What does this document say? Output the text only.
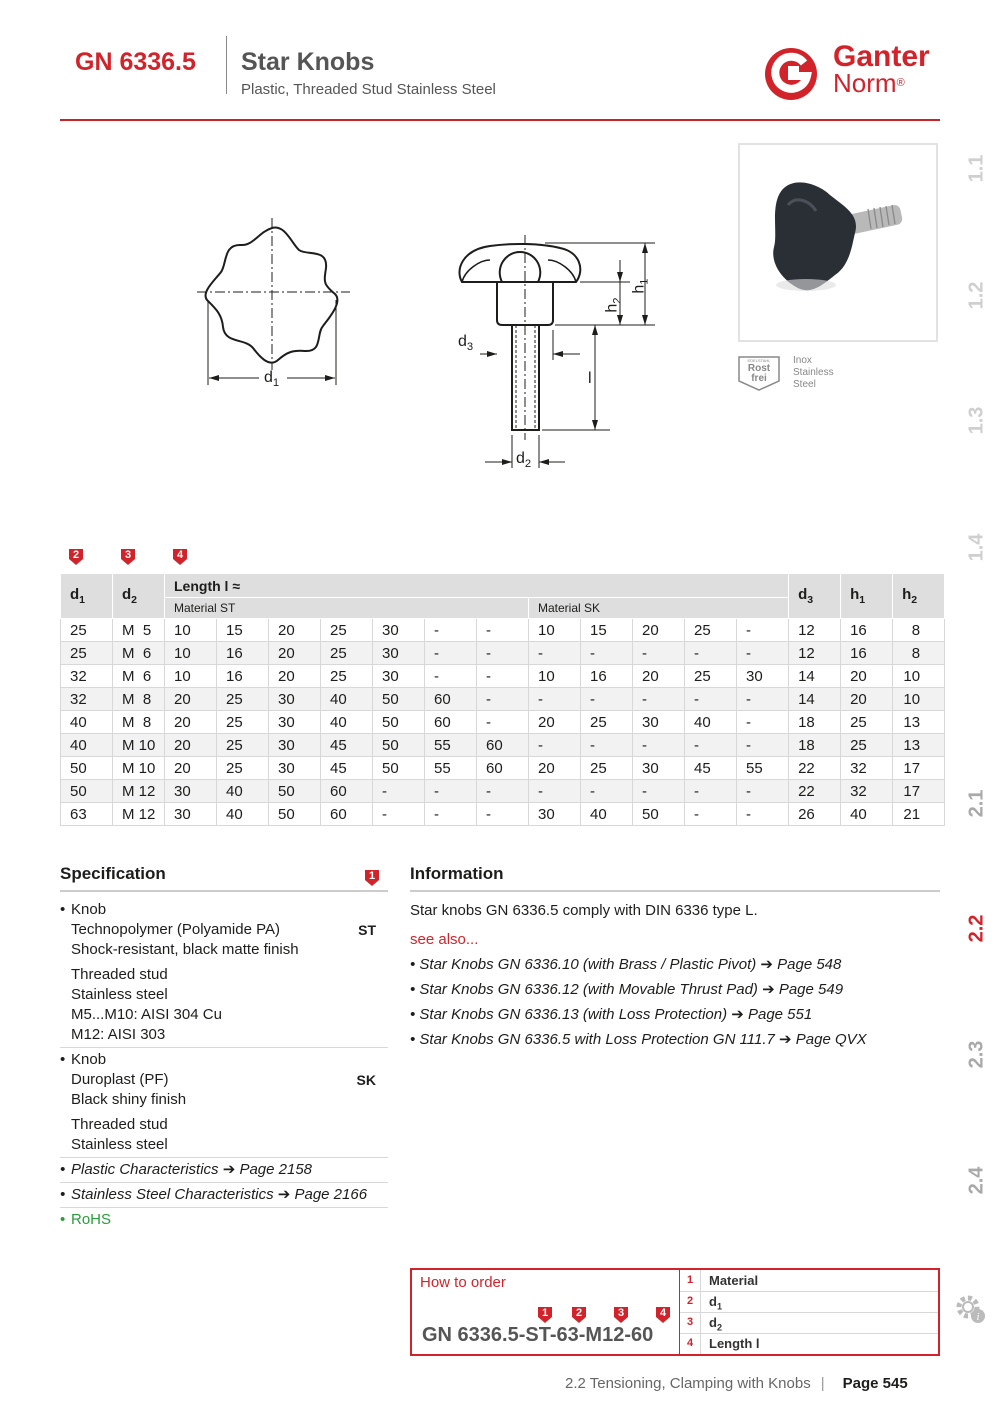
GN 6336.5 Star Knobs
Plastic, Threaded Stud Stainless Steel
Ganter
Norm®
1.1
1.2
1.3
1.4
2.1
2.2
2.3
2.4
i
$d_1$
$d_3$
$d_2$
l
$h_2$
$h_1$
EDELSTAHL
Rost
frei
Inox
Stainless
Steel
2	3	4
$d_1$	$d_2$	Length l ≈												$d_3$	$h_1$	$h_2$
		Material ST							Material SK							
25	M  5	10	15	20	25	30	-	-	10	15	20	25	-	12	16	8
25	M  6	10	16	20	25	30	-	-	-	-	-	-	-	12	16	8
32	M  6	10	16	20	25	30	-	-	10	16	20	25	30	14	20	10
32	M  8	20	25	30	40	50	60	-	-	-	-	-	-	14	20	10
40	M  8	20	25	30	40	50	60	-	20	25	30	40	-	18	25	13
40	M 10	20	25	30	45	50	55	60	-	-	-	-	-	18	25	13
50	M 10	20	25	30	45	50	55	60	20	25	30	45	55	22	32	17
50	M 12	30	40	50	60	-	-	-	-	-	-	-	-	22	32	17
63	M 12	30	40	50	60	-	-	-	30	40	50	-	-	26	40	21
Specification	1
•
ST
Knob
Technopolymer (Polyamide PA)
Shock-resistant, black matte finish
Threaded stud
Stainless steel
M5...M10: AISI 304 Cu
M12: AISI 303
•
SK
Knob
Duroplast (PF)
Black shiny finish
Threaded stud
Stainless steel
• Plastic Characteristics ➔ Page 2158
• Stainless Steel Characteristics ➔ Page 2166
• RoHS
Information
Star knobs GN 6336.5 comply with DIN 6336 type L.
see also...
• Star Knobs GN 6336.10 (with Brass / Plastic Pivot) ➔ Page 548
• Star Knobs GN 6336.12 (with Movable Thrust Pad) ➔ Page 549
• Star Knobs GN 6336.13 (with Loss Protection) ➔ Page 551
• Star Knobs GN 6336.5 with Loss Protection GN 111.7 ➔ Page QVX
How to order
1	2	3	4
GN 6336.5-ST-63-M12-60
1	Material
2	$d_1$
3	$d_2$
4	Length l
2.2 Tensioning, Clamping with Knobs | Page 545
